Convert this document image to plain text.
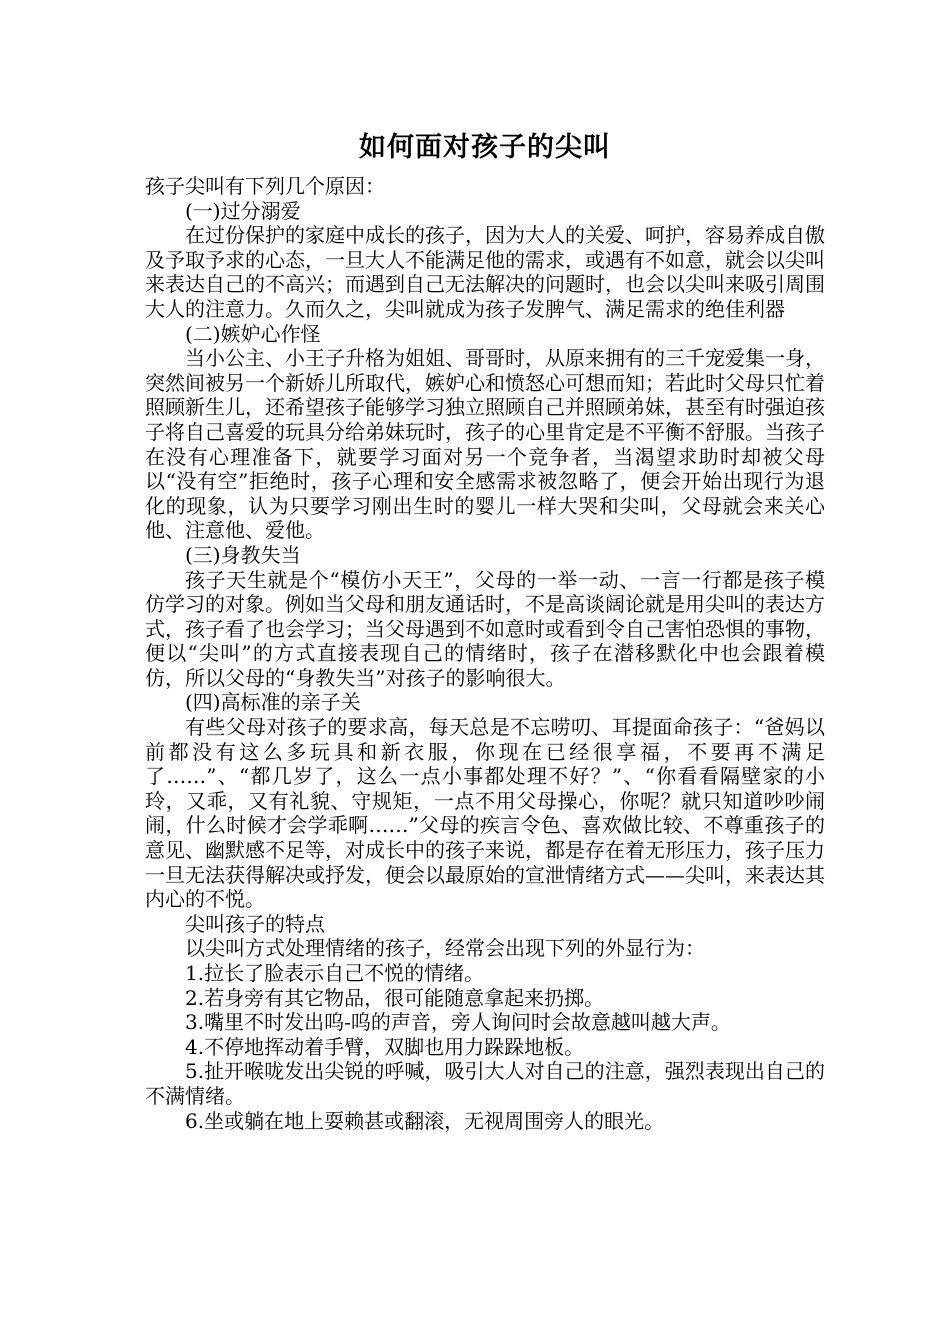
如何面对孩子的尖叫

孩子尖叫有下列几个原因：

(一)过分溺爱

在过份保护的家庭中成长的孩子，因为大人的关爱、呵护，容易养成自傲及予取予求的心态，一旦大人不能满足他的需求，或遇有不如意，就会以尖叫来表达自己的不高兴；而遇到自己无法解决的问题时，也会以尖叫来吸引周围大人的注意力。久而久之，尖叫就成为孩子发脾气、满足需求的绝佳利器

(二)嫉妒心作怪

当小公主、小王子升格为姐姐、哥哥时，从原来拥有的三千宠爱集一身，突然间被另一个新娇儿所取代，嫉妒心和愤怒心可想而知；若此时父母只忙着照顾新生儿，还希望孩子能够学习独立照顾自己并照顾弟妹，甚至有时强迫孩子将自己喜爱的玩具分给弟妹玩时，孩子的心里肯定是不平衡不舒服。当孩子在没有心理准备下，就要学习面对另一个竞争者，当渴望求助时却被父母以“没有空”拒绝时，孩子心理和安全感需求被忽略了，便会开始出现行为退化的现象，认为只要学习刚出生时的婴儿一样大哭和尖叫，父母就会来关心他、注意他、爱他。

(三)身教失当

孩子天生就是个“模仿小天王”，父母的一举一动、一言一行都是孩子模仿学习的对象。例如当父母和朋友通话时，不是高谈阔论就是用尖叫的表达方式，孩子看了也会学习；当父母遇到不如意时或看到令自己害怕恐惧的事物，便以“尖叫”的方式直接表现自己的情绪时，孩子在潜移默化中也会跟着模仿，所以父母的“身教失当”对孩子的影响很大。

(四)高标准的亲子关

有些父母对孩子的要求高，每天总是不忘唠叨、耳提面命孩子：“爸妈以前都没有这么多玩具和新衣服，你现在已经很享福，不要再不满足了……”、“都几岁了，这么一点小事都处理不好？”、“你看看隔壁家的小玲，又乖，又有礼貌、守规矩，一点不用父母操心，你呢？就只知道吵吵闹闹，什么时候才会学乖啊……”父母的疾言令色、喜欢做比较、不尊重孩子的意见、幽默感不足等，对成长中的孩子来说，都是存在着无形压力，孩子压力一旦无法获得解决或抒发，便会以最原始的宣泄情绪方式——尖叫，来表达其内心的不悦。

尖叫孩子的特点

以尖叫方式处理情绪的孩子，经常会出现下列的外显行为：

1.拉长了脸表示自己不悦的情绪。

2.若身旁有其它物品，很可能随意拿起来扔掷。

3.嘴里不时发出呜-呜的声音，旁人询问时会故意越叫越大声。

4.不停地挥动着手臂，双脚也用力跺跺地板。

5.扯开喉咙发出尖锐的呼喊，吸引大人对自己的注意，强烈表现出自己的不满情绪。

6.坐或躺在地上耍赖甚或翻滚，无视周围旁人的眼光。
